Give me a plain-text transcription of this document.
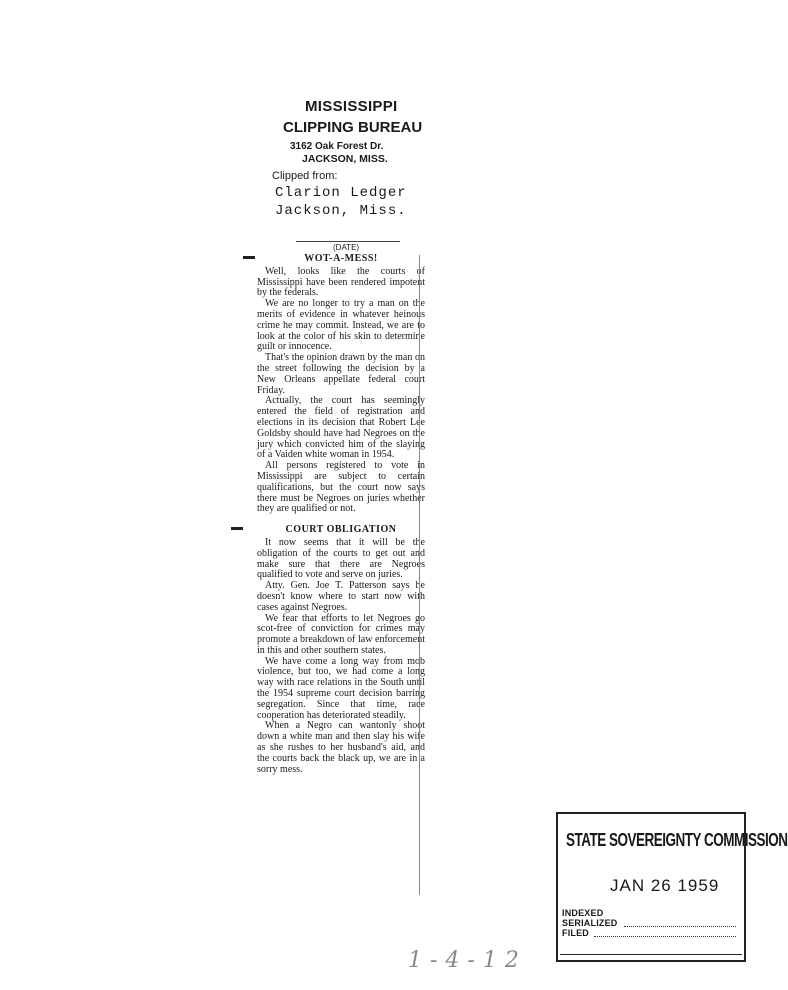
MISSISSIPPI
CLIPPING BUREAU
3162 Oak Forest Dr.
JACKSON, MISS.
Clipped from:
Clarion Ledger
Jackson, Miss.
(DATE)
WOT-A-MESS!

Well, looks like the courts of Mississippi have been rendered impotent by the federals.

We are no longer to try a man on the merits of evidence in whatever heinous crime he may commit. Instead, we are to look at the color of his skin to determine guilt or innocence.

That's the opinion drawn by the man on the street following the decision by a New Orleans appellate federal court Friday.

Actually, the court has seemingly entered the field of registration and elections in its decision that Robert Lee Goldsby should have had Negroes on the jury which convicted him of the slaying of a Vaiden white woman in 1954.

All persons registered to vote in Mississippi are subject to certain qualifications, but the court now says there must be Negroes on juries whether they are qualified or not.

COURT OBLIGATION

It now seems that it will be the obligation of the courts to get out and make sure that there are Negroes qualified to vote and serve on juries.

Atty. Gen. Joe T. Patterson says he doesn't know where to start now with cases against Negroes.

We fear that efforts to let Negroes go scot-free of conviction for crimes may promote a breakdown of law enforcement in this and other southern states.

We have come a long way from mob violence, but too, we had come a long way with race relations in the South until the 1954 supreme court decision barring segregation. Since that time, race cooperation has deteriorated steadily.

When a Negro can wantonly shoot down a white man and then slay his wife as she rushes to her husband's aid, and the courts back the black up, we are in a sorry mess.

STATE SOVEREIGNTY COMMISSION
JAN 26 1959
INDEXED
SERIALIZED
FILED
1-4-12
